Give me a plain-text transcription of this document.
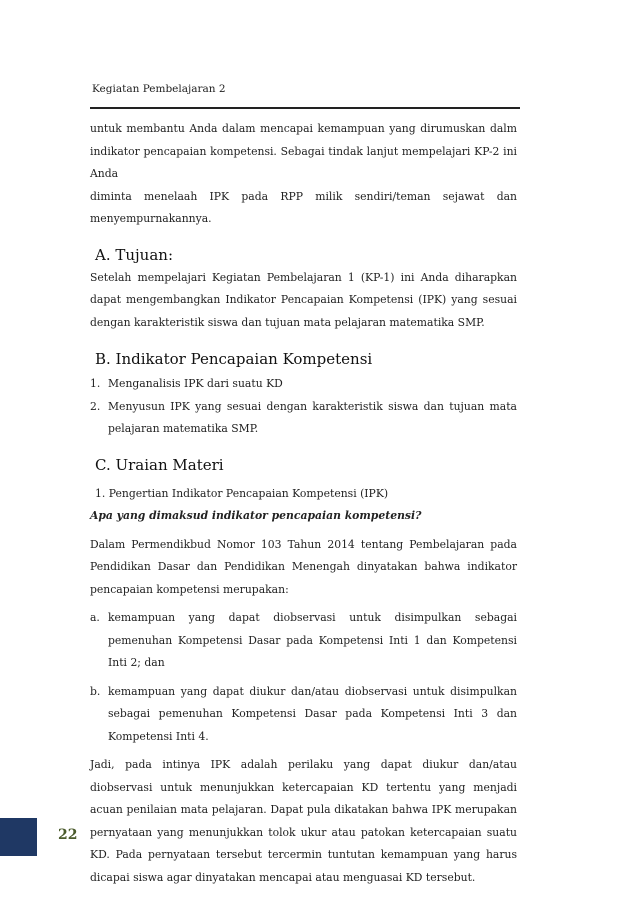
Kegiatan Pembelajaran 2

untuk membantu Anda dalam mencapai kemampuan yang dirumuskan dalm

indikator pencapaian kompetensi. Sebagai tindak lanjut mempelajari KP-2 ini Anda

diminta menelaah IPK pada RPP milik sendiri/teman sejawat dan

menyempurnakannya.

A. Tujuan:

Setelah mempelajari Kegiatan Pembelajaran 1 (KP-1) ini Anda diharapkan dapat mengembangkan Indikator Pencapaian Kompetensi (IPK) yang sesuai dengan karakteristik siswa dan tujuan mata pelajaran matematika SMP.

B. Indikator Pencapaian Kompetensi
1. Menganalisis IPK dari suatu KD
2. Menyusun IPK yang sesuai dengan karakteristik siswa dan tujuan mata pelajaran matematika SMP.
C. Uraian Materi

1. Pengertian Indikator Pencapaian Kompetensi (IPK)

Apa yang dimaksud indikator pencapaian kompetensi?

Dalam Permendikbud Nomor 103 Tahun 2014 tentang Pembelajaran pada Pendidikan Dasar dan Pendidikan Menengah dinyatakan bahwa indikator pencapaian kompetensi merupakan:

a. kemampuan yang dapat diobservasi untuk disimpulkan sebagai pemenuhan Kompetensi Dasar pada Kompetensi Inti 1 dan Kompetensi Inti 2; dan
b. kemampuan yang dapat diukur dan/atau diobservasi untuk disimpulkan sebagai pemenuhan Kompetensi Dasar pada Kompetensi Inti 3 dan Kompetensi Inti 4.

Jadi, pada intinya IPK adalah perilaku yang dapat diukur dan/atau diobservasi untuk menunjukkan ketercapaian KD tertentu yang menjadi acuan penilaian mata pelajaran. Dapat pula dikatakan bahwa IPK merupakan pernyataan yang menunjukkan tolok ukur atau patokan ketercapaian suatu KD. Pada pernyataan tersebut tercermin tuntutan kemampuan yang harus dicapai siswa agar dinyatakan mencapai atau menguasai KD tersebut.

22
